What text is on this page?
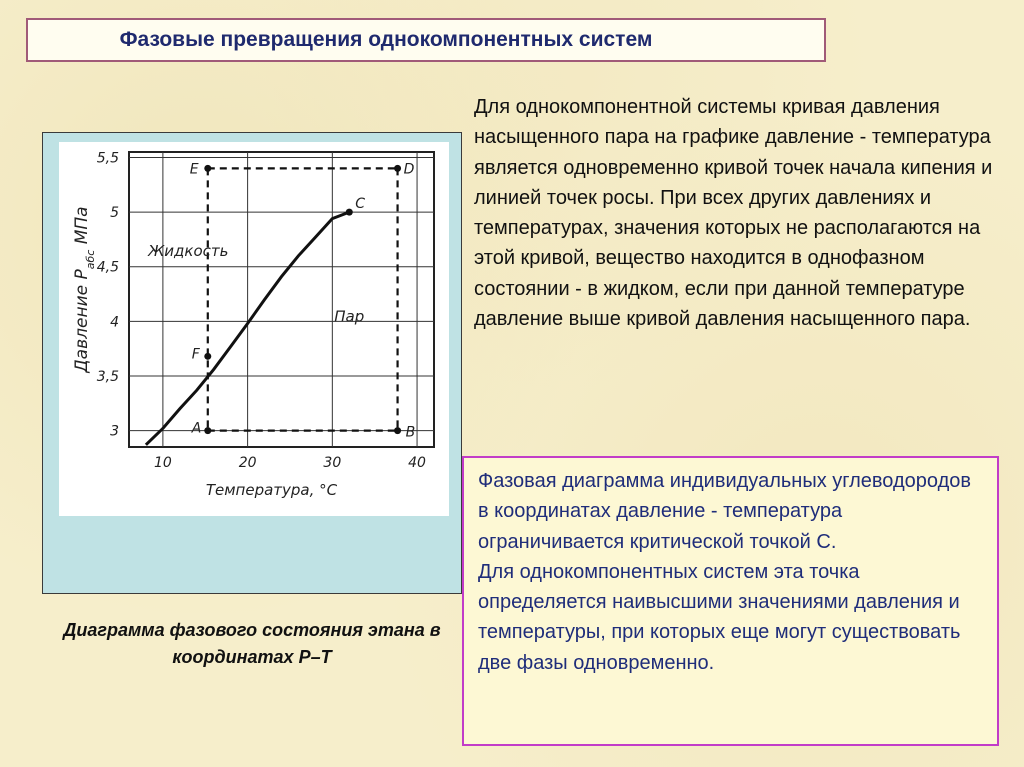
Фазовые превращения однокомпонентных систем
Для однокомпонентной системы кривая давления насыщенного пара на графике давление - температура является одновременно кривой точек начала кипения и линией точек росы. При всех других давлениях и температурах, значения которых не располагаются на этой кривой, вещество находится в однофазном состоянии - в жидком, если при данной температуре давление выше кривой давления насыщенного пара.
10	20	30	40
3
3,5
4
4,5
5
5,5
Температура, °С
Давление $Р_{абс}$ МПа
E	D
C
F
A	B
Жидкость
Пар
Диаграмма фазового состояния этана в координатах Р–Т

Фазовая диаграмма индивидуальных углеводородов в координатах давление - температура ограничивается критической точкой С.

Для однокомпонентных систем эта точка определяется наивысшими значениями давления и температуры, при которых еще могут существовать две фазы одновременно.
